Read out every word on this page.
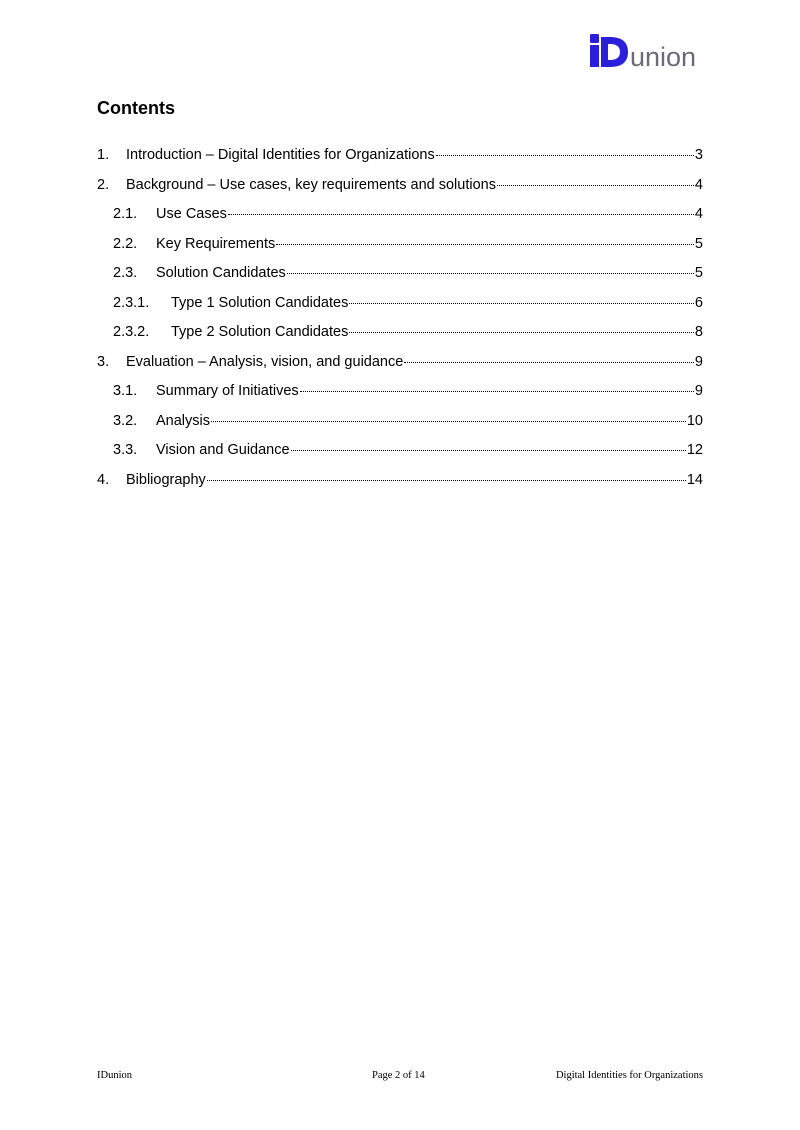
union
Contents
1.	Introduction – Digital Identities for Organizations	3
2.	Background – Use cases, key requirements and solutions	4
2.1.	Use Cases	4
2.2.	Key Requirements	5
2.3.	Solution Candidates	5
2.3.1.	Type 1 Solution Candidates	6
2.3.2.	Type 2 Solution Candidates	8
3.	Evaluation – Analysis, vision, and guidance	9
3.1.	Summary of Initiatives	9
3.2.	Analysis	10
3.3.	Vision and Guidance	12
4.	Bibliography	14
IDunion	Page 2 of 14	Digital Identities for Organizations
